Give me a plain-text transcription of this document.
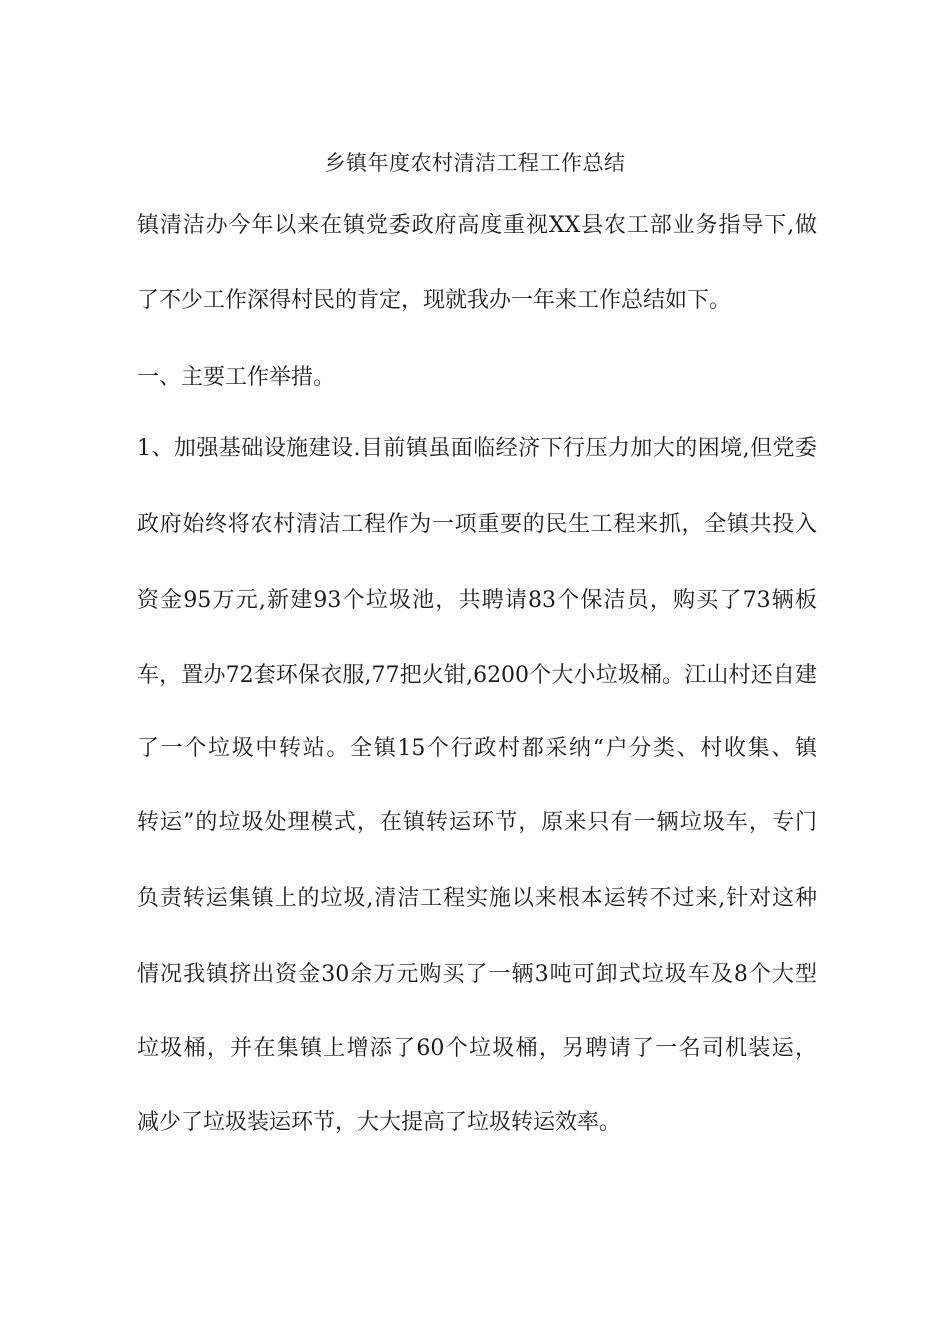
乡镇年度农村清洁工程工作总结
镇清洁办今年以来在镇党委政府高度重视XX县农工部业务指导下,做
了不少工作深得村民的肯定，现就我办一年来工作总结如下。
一、主要工作举措。
1、加强基础设施建设.目前镇虽面临经济下行压力加大的困境,但党委
政府始终将农村清洁工程作为一项重要的民生工程来抓，全镇共投入
资金95万元,新建93个垃圾池，共聘请83个保洁员，购买了73辆板
车，置办72套环保衣服,77把火钳,6200个大小垃圾桶。江山村还自建
了一个垃圾中转站。全镇15个行政村都采纳“户分类、村收集、镇
转运”的垃圾处理模式，在镇转运环节，原来只有一辆垃圾车，专门
负责转运集镇上的垃圾,清洁工程实施以来根本运转不过来,针对这种
情况我镇挤出资金30余万元购买了一辆3吨可卸式垃圾车及8个大型
垃圾桶，并在集镇上增添了60个垃圾桶，另聘请了一名司机装运，
减少了垃圾装运环节，大大提高了垃圾转运效率。
